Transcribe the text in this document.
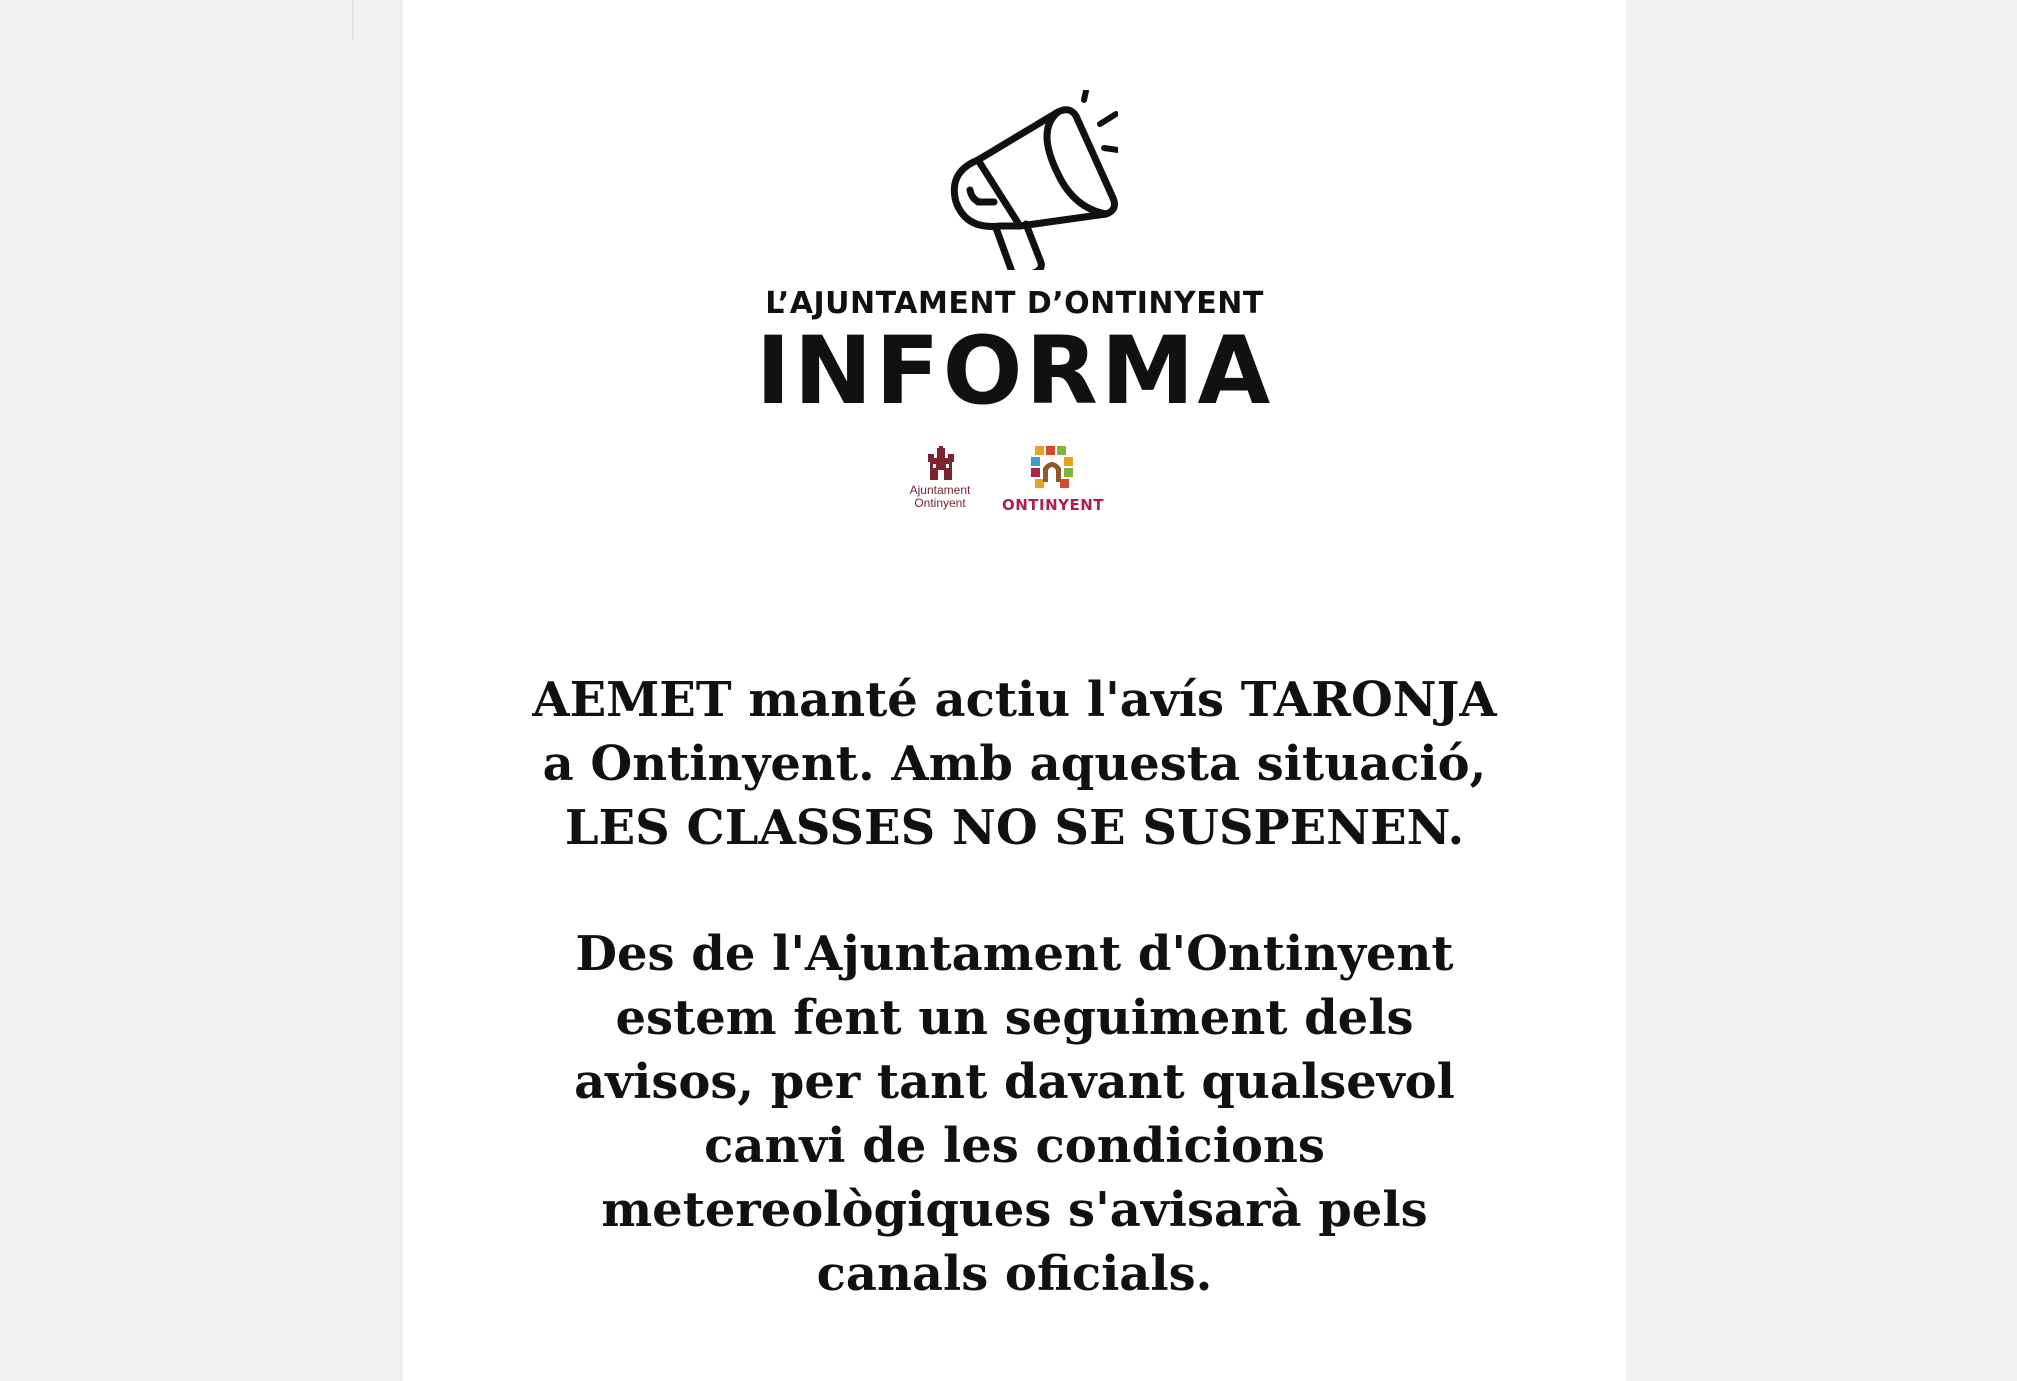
L’AJUNTAMENT D’ONTINYENT
INFORMA
Ajuntament
Ontinyent	ONTINYENT
AEMET manté actiu l'avís TARONJA
a Ontinyent. Amb aquesta situació,
LES CLASSES NO SE SUSPENEN.
Des de l'Ajuntament d'Ontinyent
estem fent un seguiment dels
avisos, per tant davant qualsevol
canvi de les condicions
metereològiques s'avisarà pels
canals oficials.
